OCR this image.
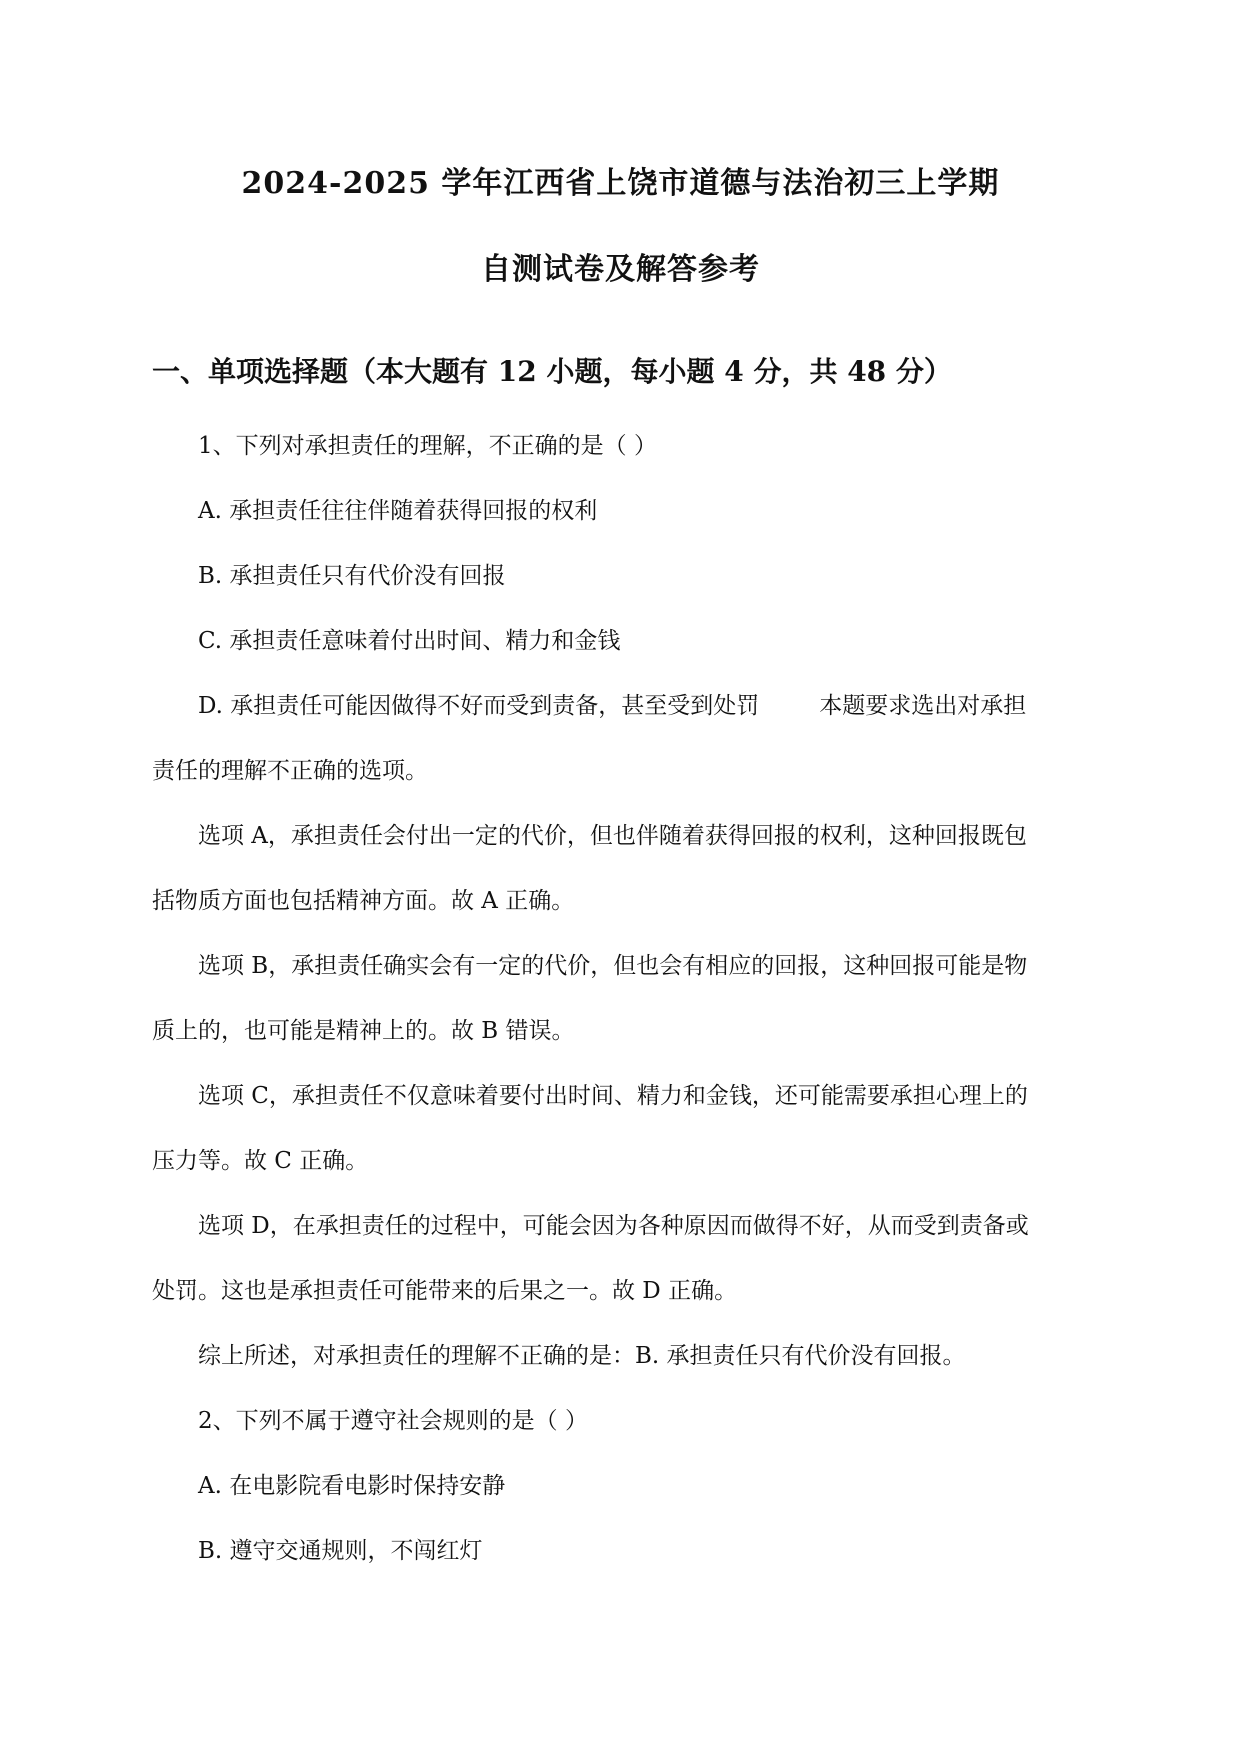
2024-2025 学年江西省上饶市道德与法治初三上学期
自测试卷及解答参考
一、单项选择题（本大题有 12 小题，每小题 4 分，共 48 分）
1、下列对承担责任的理解，不正确的是（ ）
A. 承担责任往往伴随着获得回报的权利
B. 承担责任只有代价没有回报
C. 承担责任意味着付出时间、精力和金钱
D. 承担责任可能因做得不好而受到责备，甚至受到处罚	本题要求选出对承担
责任的理解不正确的选项。
选项 A，承担责任会付出一定的代价，但也伴随着获得回报的权利，这种回报既包
括物质方面也包括精神方面。故 A 正确。
选项 B，承担责任确实会有一定的代价，但也会有相应的回报，这种回报可能是物
质上的，也可能是精神上的。故 B 错误。
选项 C，承担责任不仅意味着要付出时间、精力和金钱，还可能需要承担心理上的
压力等。故 C 正确。
选项 D，在承担责任的过程中，可能会因为各种原因而做得不好，从而受到责备或
处罚。这也是承担责任可能带来的后果之一。故 D 正确。
综上所述，对承担责任的理解不正确的是：B. 承担责任只有代价没有回报。
2、下列不属于遵守社会规则的是（ ）
A. 在电影院看电影时保持安静
B. 遵守交通规则，不闯红灯
